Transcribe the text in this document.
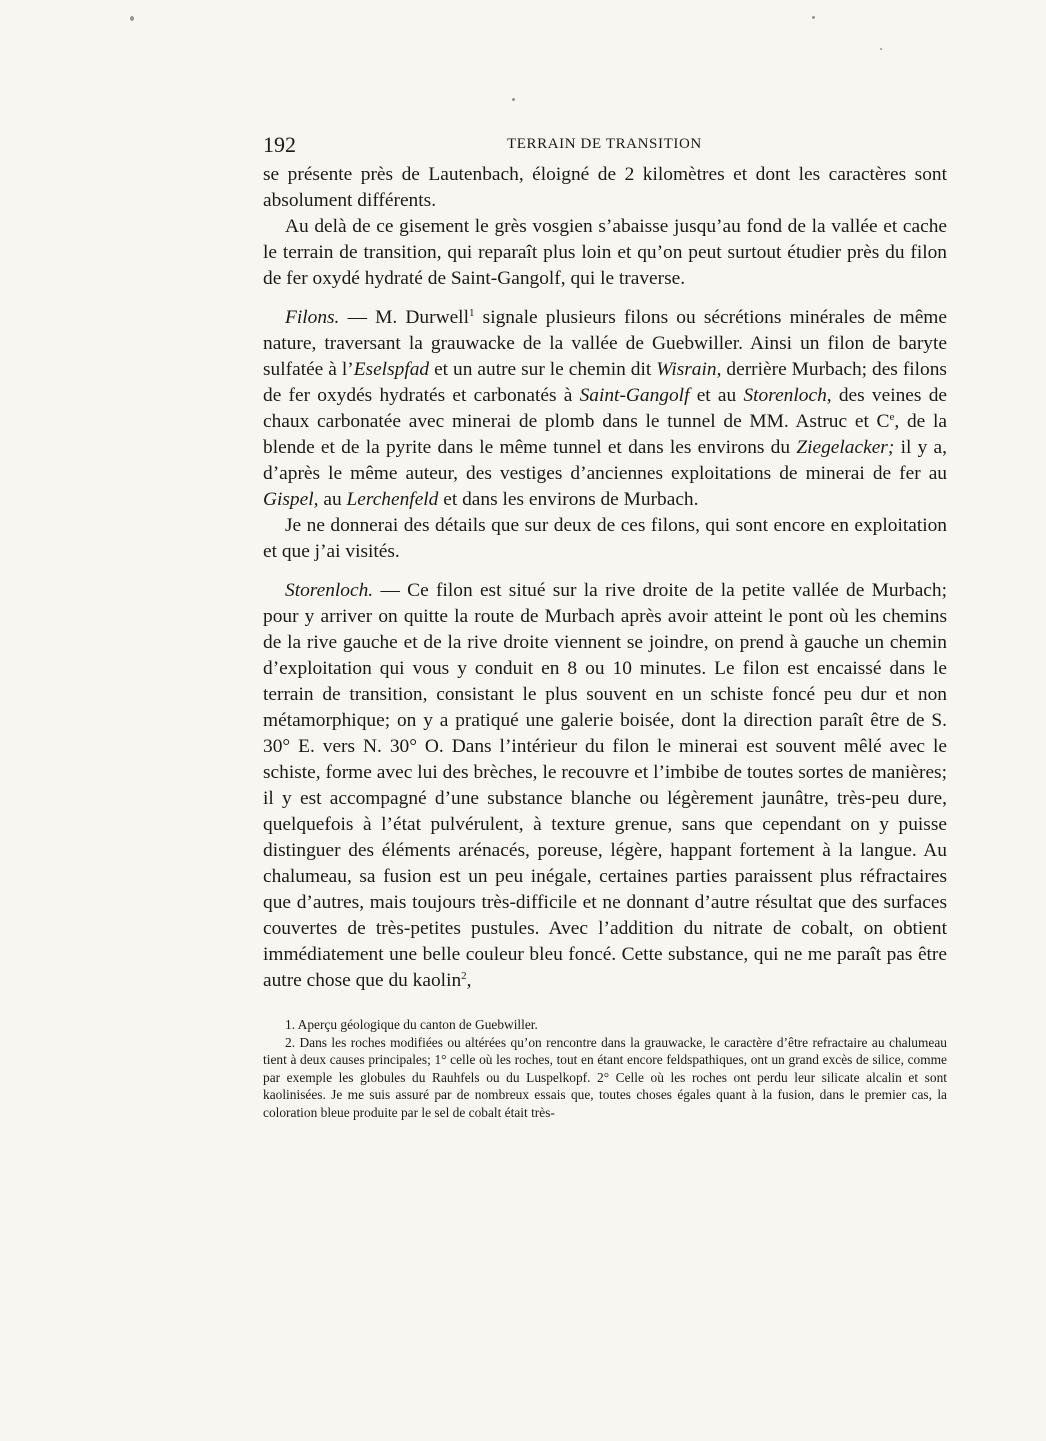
192	TERRAIN DE TRANSITION

se présente près de Lautenbach, éloigné de 2 kilomètres et dont les caractères sont absolument différents.

Au delà de ce gisement le grès vosgien s’abaisse jusqu’au fond de la vallée et cache le terrain de transition, qui reparaît plus loin et qu’on peut surtout étudier près du filon de fer oxydé hydraté de Saint-Gangolf, qui le traverse.

Filons. — M. Durwell$^1$ signale plusieurs filons ou sécrétions minérales de même nature, traversant la grauwacke de la vallée de Guebwiller. Ainsi un filon de baryte sulfatée à l’Eselspfad et un autre sur le chemin dit Wisrain, derrière Murbach; des filons de fer oxydés hydratés et carbonatés à Saint-Gangolf et au Storenloch, des veines de chaux carbonatée avec minerai de plomb dans le tunnel de MM. Astruc et Ce, de la blende et de la pyrite dans le même tunnel et dans les environs du Ziegelacker; il y a, d’après le même auteur, des vestiges d’anciennes exploitations de minerai de fer au Gispel, au Lerchenfeld et dans les environs de Murbach.

Je ne donnerai des détails que sur deux de ces filons, qui sont encore en exploitation et que j’ai visités.

Storenloch. — Ce filon est situé sur la rive droite de la petite vallée de Murbach; pour y arriver on quitte la route de Murbach après avoir atteint le pont où les chemins de la rive gauche et de la rive droite viennent se joindre, on prend à gauche un chemin d’exploitation qui vous y conduit en 8 ou 10 minutes. Le filon est encaissé dans le terrain de transition, consistant le plus souvent en un schiste foncé peu dur et non métamorphique; on y a pratiqué une galerie boisée, dont la direction paraît être de S. 30° E. vers N. 30° O. Dans l’intérieur du filon le minerai est souvent mêlé avec le schiste, forme avec lui des brèches, le recouvre et l’imbibe de toutes sortes de manières; il y est accompagné d’une substance blanche ou légèrement jaunâtre, très-peu dure, quelquefois à l’état pulvérulent, à texture grenue, sans que cependant on y puisse distinguer des éléments arénacés, poreuse, légère, happant fortement à la langue. Au chalumeau, sa fusion est un peu inégale, certaines parties paraissent plus réfractaires que d’autres, mais toujours très-difficile et ne donnant d’autre résultat que des surfaces couvertes de très-petites pustules. Avec l’addition du nitrate de cobalt, on obtient immédiatement une belle couleur bleu foncé. Cette substance, qui ne me paraît pas être autre chose que du kaolin$^2$,

1. Aperçu géologique du canton de Guebwiller.

2. Dans les roches modifiées ou altérées qu’on rencontre dans la grauwacke, le caractère d’être refractaire au chalumeau tient à deux causes principales; 1° celle où les roches, tout en étant encore feldspathiques, ont un grand excès de silice, comme par exemple les globules du Rauhfels ou du Luspelkopf. 2° Celle où les roches ont perdu leur silicate alcalin et sont kaolinisées. Je me suis assuré par de nombreux essais que, toutes choses égales quant à la fusion, dans le premier cas, la coloration bleue produite par le sel de cobalt était très-
